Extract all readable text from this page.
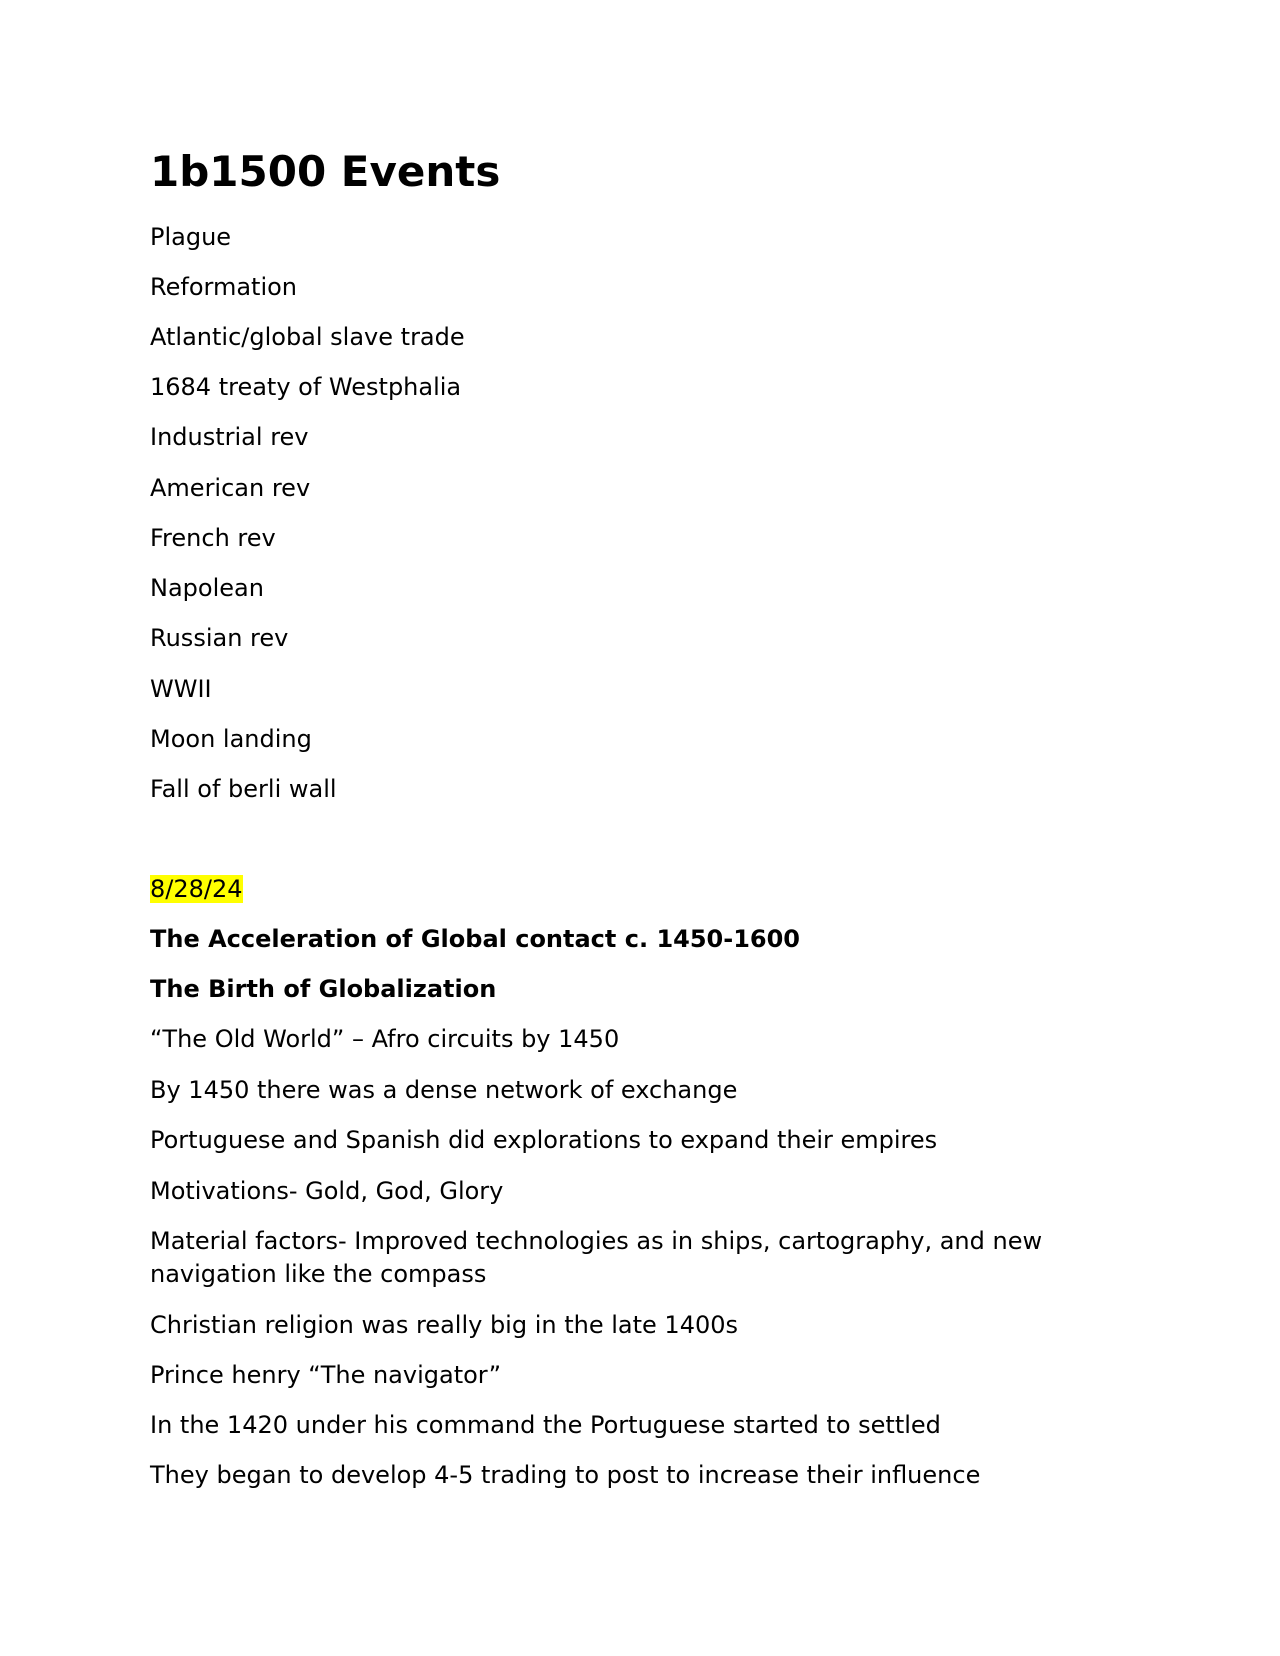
1b1500 Events

Plague

Reformation

Atlantic/global slave trade

1684 treaty of Westphalia

Industrial rev

American rev

French rev

Napolean

Russian rev

WWII

Moon landing

Fall of berli wall

8/28/24

The Acceleration of Global contact c. 1450-1600

The Birth of Globalization

“The Old World” – Afro circuits by 1450

By 1450 there was a dense network of exchange

Portuguese and Spanish did explorations to expand their empires

Motivations- Gold, God, Glory

Material factors- Improved technologies as in ships, cartography, and new navigation like the compass

Christian religion was really big in the late 1400s

Prince henry “The navigator”

In the 1420 under his command the Portuguese started to settled

They began to develop 4-5 trading to post to increase their influence
